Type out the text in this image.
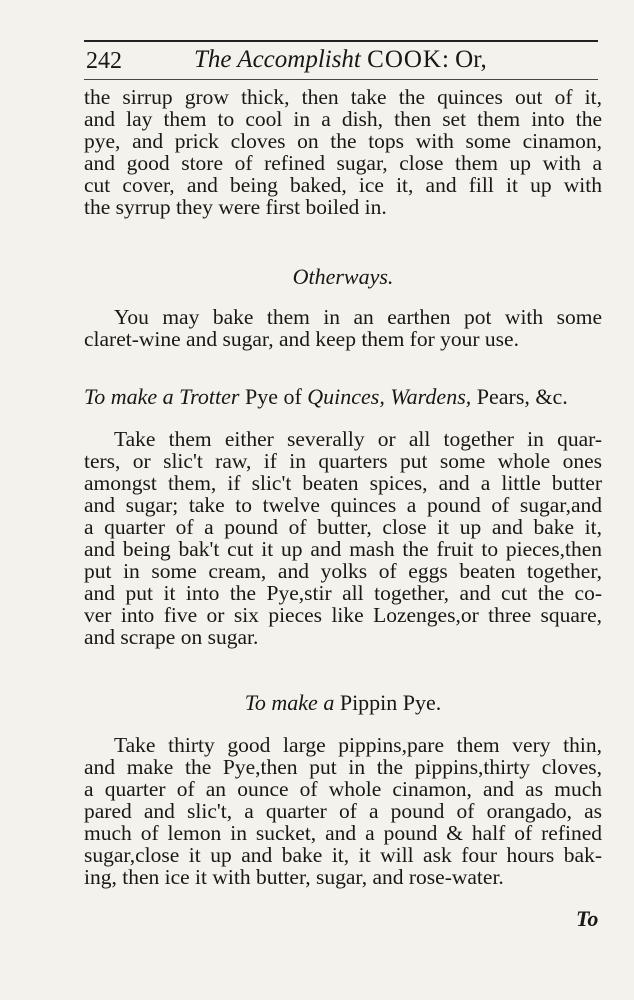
242	The Accomplisht COOK: Or,
the sirrup grow thick, then take the quinces out of it,
and lay them to cool in a dish, then set them into the
pye, and prick cloves on the tops with some cinamon,
and good store of refined sugar, close them up with a
cut cover, and being baked, ice it, and fill it up with
the syrrup they were first boiled in.
Otherways.
You may bake them in an earthen pot with some
claret-wine and sugar, and keep them for your use.
To make a Trotter Pye of Quinces, Wardens, Pears, &c.
Take them either severally or all together in quar-
ters, or slic't raw, if in quarters put some whole ones
amongst them, if slic't beaten spices, and a little butter
and sugar; take to twelve quinces a pound of sugar,and
a quarter of a pound of butter, close it up and bake it,
and being bak't cut it up and mash the fruit to pieces,then
put in some cream, and yolks of eggs beaten together,
and put it into the Pye,stir all together, and cut the co-
ver into five or six pieces like Lozenges,or three square,
and scrape on sugar.
To make a Pippin Pye.
Take thirty good large pippins,pare them very thin,
and make the Pye,then put in the pippins,thirty cloves,
a quarter of an ounce of whole cinamon, and as much
pared and slic't, a quarter of a pound of orangado, as
much of lemon in sucket, and a pound & half of refined
sugar,close it up and bake it, it will ask four hours bak-
ing, then ice it with butter, sugar, and rose-water.
To
